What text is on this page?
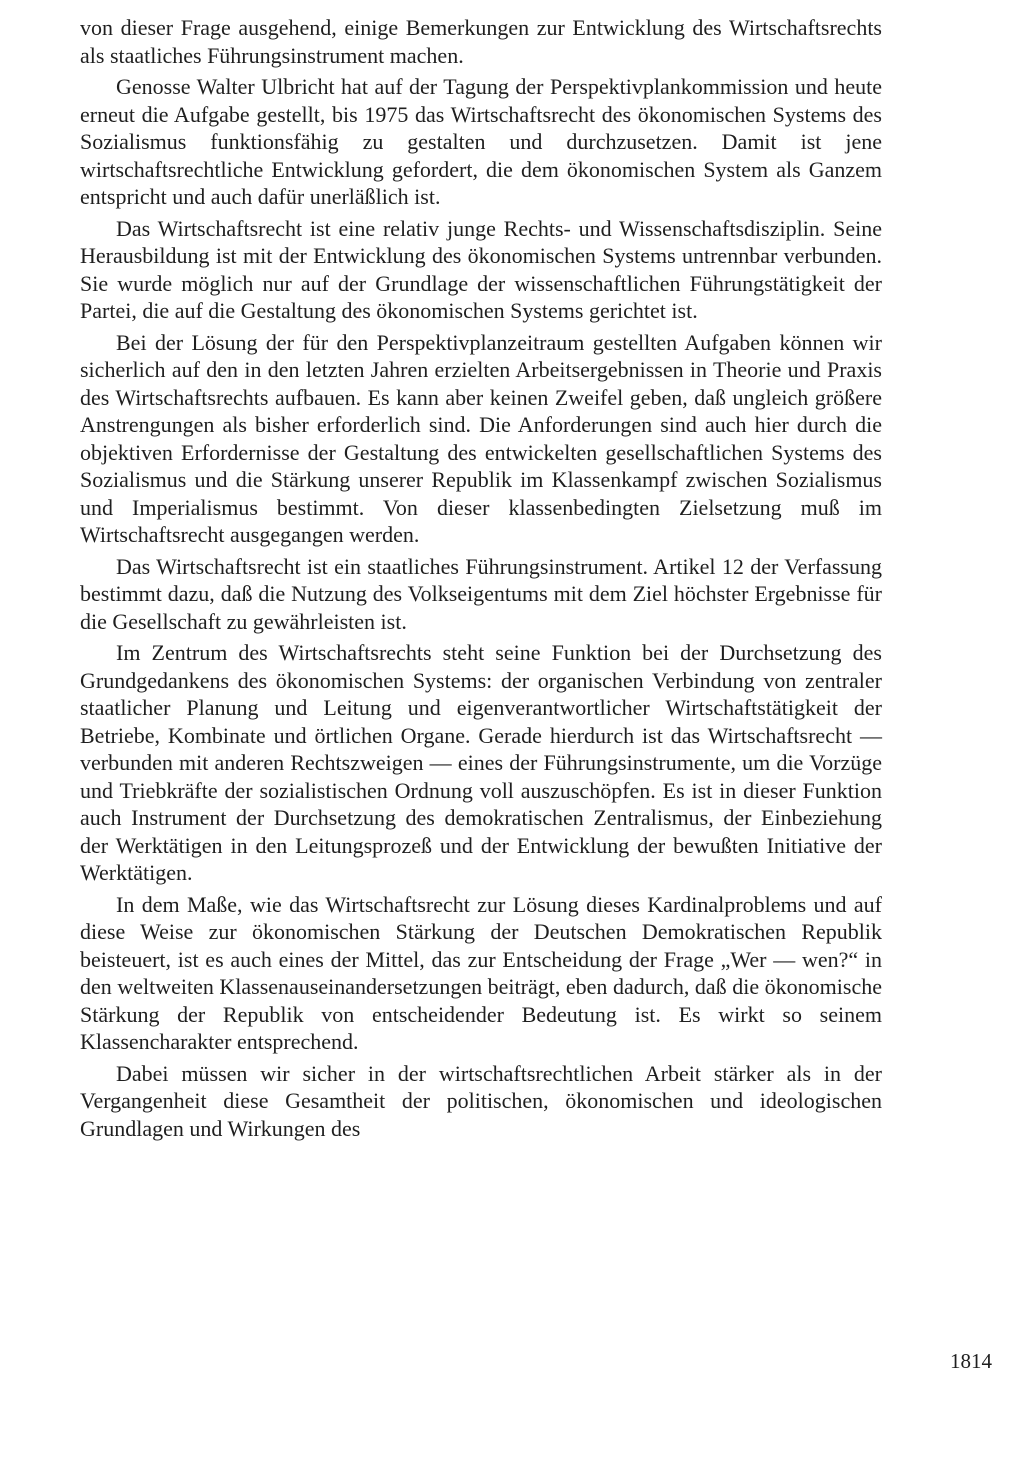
von dieser Frage ausgehend, einige Bemerkungen zur Entwicklung des Wirtschaftsrechts als staatliches Führungsinstrument machen.

Genosse Walter Ulbricht hat auf der Tagung der Perspektivplankommission und heute erneut die Aufgabe gestellt, bis 1975 das Wirtschaftsrecht des ökonomischen Systems des Sozialismus funktionsfähig zu gestalten und durchzusetzen. Damit ist jene wirtschaftsrechtliche Entwicklung gefordert, die dem ökonomischen System als Ganzem entspricht und auch dafür unerläßlich ist.

Das Wirtschaftsrecht ist eine relativ junge Rechts- und Wissenschaftsdisziplin. Seine Herausbildung ist mit der Entwicklung des ökonomischen Systems untrennbar verbunden. Sie wurde möglich nur auf der Grundlage der wissenschaftlichen Führungstätigkeit der Partei, die auf die Gestaltung des ökonomischen Systems gerichtet ist.

Bei der Lösung der für den Perspektivplanzeitraum gestellten Aufgaben können wir sicherlich auf den in den letzten Jahren erzielten Arbeitsergebnissen in Theorie und Praxis des Wirtschaftsrechts aufbauen. Es kann aber keinen Zweifel geben, daß ungleich größere Anstrengungen als bisher erforderlich sind. Die Anforderungen sind auch hier durch die objektiven Erfordernisse der Gestaltung des entwickelten gesellschaftlichen Systems des Sozialismus und die Stärkung unserer Republik im Klassenkampf zwischen Sozialismus und Imperialismus bestimmt. Von dieser klassenbedingten Zielsetzung muß im Wirtschaftsrecht ausgegangen werden.

Das Wirtschaftsrecht ist ein staatliches Führungsinstrument. Artikel 12 der Verfassung bestimmt dazu, daß die Nutzung des Volkseigentums mit dem Ziel höchster Ergebnisse für die Gesellschaft zu gewährleisten ist.

Im Zentrum des Wirtschaftsrechts steht seine Funktion bei der Durchsetzung des Grundgedankens des ökonomischen Systems: der organischen Verbindung von zentraler staatlicher Planung und Leitung und eigenverantwortlicher Wirtschaftstätigkeit der Betriebe, Kombinate und örtlichen Organe. Gerade hierdurch ist das Wirtschaftsrecht — verbunden mit anderen Rechtszweigen — eines der Führungsinstrumente, um die Vorzüge und Triebkräfte der sozialistischen Ordnung voll auszuschöpfen. Es ist in dieser Funktion auch Instrument der Durchsetzung des demokratischen Zentralismus, der Einbeziehung der Werktätigen in den Leitungsprozeß und der Entwicklung der bewußten Initiative der Werktätigen.

In dem Maße, wie das Wirtschaftsrecht zur Lösung dieses Kardinalproblems und auf diese Weise zur ökonomischen Stärkung der Deutschen Demokratischen Republik beisteuert, ist es auch eines der Mittel, das zur Entscheidung der Frage „Wer — wen?“ in den weltweiten Klassenauseinandersetzungen beiträgt, eben dadurch, daß die ökonomische Stärkung der Republik von entscheidender Bedeutung ist. Es wirkt so seinem Klassencharakter entsprechend.

Dabei müssen wir sicher in der wirtschaftsrechtlichen Arbeit stärker als in der Vergangenheit diese Gesamtheit der politischen, ökonomischen und ideologischen Grundlagen und Wirkungen des

1814
